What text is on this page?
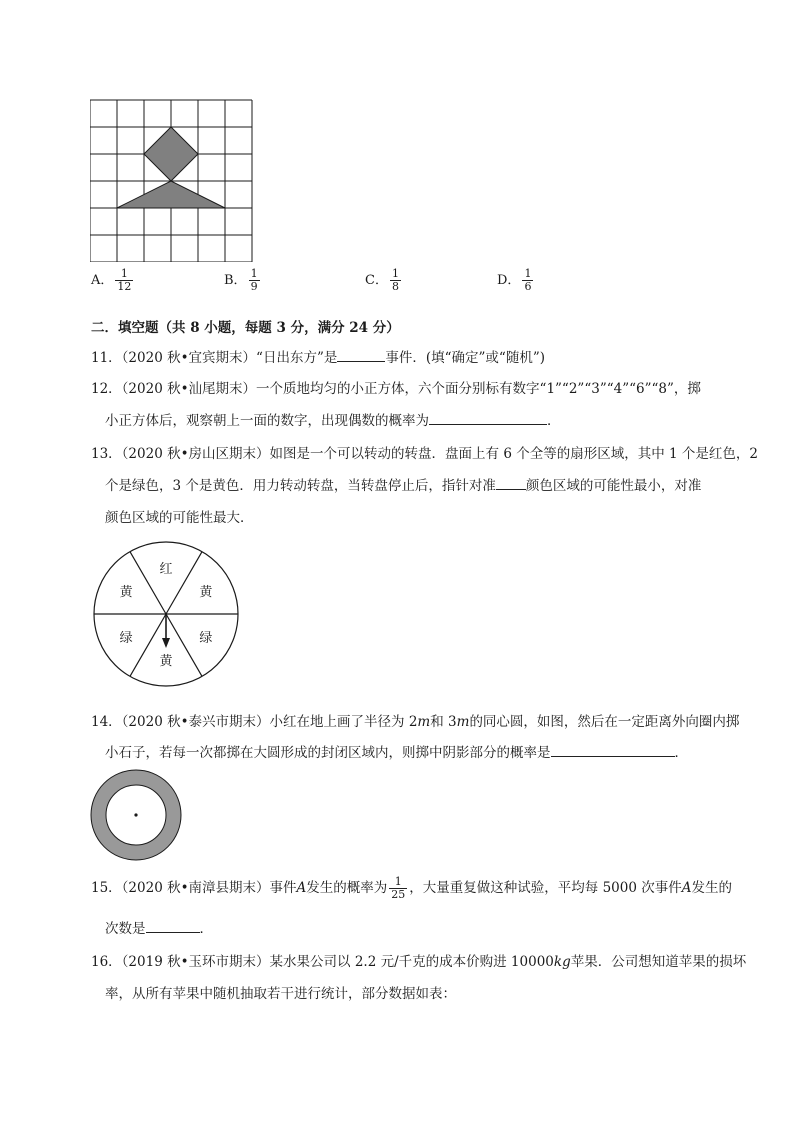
A． $\frac{1}{12}$	B． $\frac{1}{9}$	C． $\frac{1}{8}$	D． $\frac{1}{6}$
二．填空题（共 8 小题，每题 3 分，满分 24 分）
11．（2020 秋•宜宾期末）“日出东方”是	事件．(填“确定”或“随机”)
12．（2020 秋•汕尾期末）一个质地均匀的小正方体，六个面分别标有数字“1”“2”“3”“4”“6”“8”，掷
小正方体后，观察朝上一面的数字，出现偶数的概率为	．
13．（2020 秋•房山区期末）如图是一个可以转动的转盘．盘面上有 6 个全等的扇形区域，其中 1 个是红色，2
个是绿色，3 个是黄色．用力转动转盘，当转盘停止后，指针对准 颜色区域的可能性最小，对准
颜色区域的可能性最大．
红
黄
绿
黄
绿
黄
14．（2020 秋•泰兴市期末）小红在地上画了半径为 2m和 3m的同心圆，如图，然后在一定距离外向圈内掷
小石子，若每一次都掷在大圆形成的封闭区域内，则掷中阴影部分的概率是	．
15．（2020 秋•南漳县期末）事件A发生的概率为 $\frac{1}{25}$ ，大量重复做这种试验，平均每 5000 次事件A发生的
次数是	．
16．（2019 秋•玉环市期末）某水果公司以 2.2 元/千克的成本价购进 10000kg苹果．公司想知道苹果的损坏
率，从所有苹果中随机抽取若干进行统计，部分数据如表：
